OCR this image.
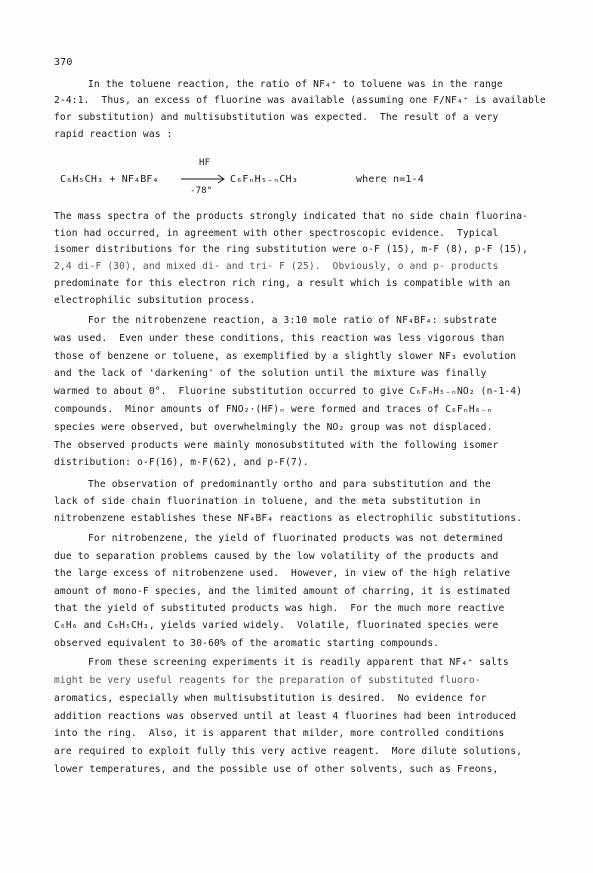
370
In the toluene reaction, the ratio of NF₄⁺ to toluene was in the range
2-4:1.  Thus, an excess of fluorine was available (assuming one F/NF₄⁺ is available
for substitution) and multisubstitution was expected.  The result of a very
rapid reaction was :
C₆H₅CH₃ + NF₄BF₄
HF
-78°
C₆FₙH₅₋ₙCH₃	where n=1-4
The mass spectra of the products strongly indicated that no side chain fluorina-
tion had occurred, in agreement with other spectroscopic evidence.  Typical
isomer distributions for the ring substitution were o-F (15), m-F (8), p-F (15),
2,4 di-F (30), and mixed di- and tri- F (25).  Obviously, o and p- products
predominate for this electron rich ring, a result which is compatible with an
electrophilic subsitution process.
For the nitrobenzene reaction, a 3:10 mole ratio of NF₄BF₄: substrate
was used.  Even under these conditions, this reaction was less vigorous than
those of benzene or toluene, as exemplified by a slightly slower NF₃ evolution
and the lack of 'darkening' of the solution until the mixture was finally
warmed to about 0°.  Fluorine substitution occurred to give C₆FₙH₅₋ₙNO₂ (n-1-4)
compounds.  Minor amounts of FNO₂·(HF)ₙ were formed and traces of C₆FₙH₆₋ₙ
species were observed, but overwhelmingly the NO₂ group was not displaced.
The observed products were mainly monosubstituted with the following isomer
distribution: o-F(16), m-F(62), and p-F(7).
The observation of predominantly ortho and para substitution and the
lack of side chain fluorination in toluene, and the meta substitution in
nitrobenzene establishes these NF₄BF₄ reactions as electrophilic substitutions.
For nitrobenzene, the yield of fluorinated products was not determined
due to separation problems caused by the low volatility of the products and
the large excess of nitrobenzene used.  However, in view of the high relative
amount of mono-F species, and the limited amount of charring, it is estimated
that the yield of substituted products was high.  For the much more reactive
C₆H₆ and C₆H₅CH₃, yields varied widely.  Volatile, fluorinated species were
observed equivalent to 30-60% of the aromatic starting compounds.
From these screening experiments it is readily apparent that NF₄⁺ salts
might be very useful reagents for the preparation of substituted fluoro-
aromatics, especially when multisubstitution is desired.  No evidence for
addition reactions was observed until at least 4 fluorines had been introduced
into the ring.  Also, it is apparent that milder, more controlled conditions
are required to exploit fully this very active reagent.  More dilute solutions,
lower temperatures, and the possible use of other solvents, such as Freons,
